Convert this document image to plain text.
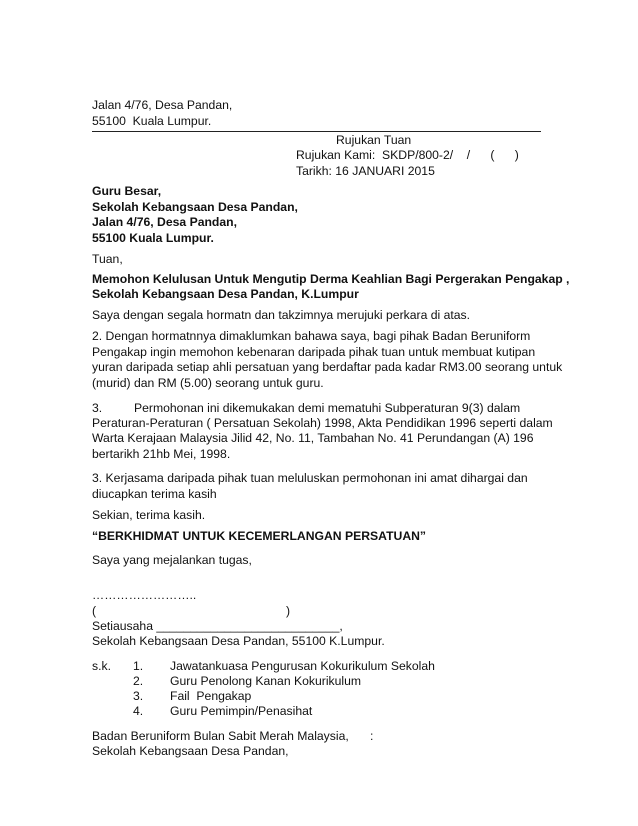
Jalan 4/76, Desa Pandan,
55100  Kuala Lumpur.
Rujukan Tuan
Rujukan Kami:  SKDP/800-2/    /      (      )
Tarikh: 16 JANUARI 2015
Guru Besar,
Sekolah Kebangsaan Desa Pandan,
Jalan 4/76, Desa Pandan,
55100 Kuala Lumpur.
Tuan,
Memohon Kelulusan Untuk Mengutip Derma Keahlian Bagi Pergerakan Pengakap ,
Sekolah Kebangsaan Desa Pandan, K.Lumpur
Saya dengan segala hormatn dan takzimnya merujuki perkara di atas.
2. Dengan hormatnnya dimaklumkan bahawa saya, bagi pihak Badan Beruniform
Pengakap ingin memohon kebenaran daripada pihak tuan untuk membuat kutipan
yuran daripada setiap ahli persatuan yang berdaftar pada kadar RM3.00 seorang untuk
(murid) dan RM (5.00) seorang untuk guru.
3.	Permohonan ini dikemukakan demi mematuhi Subperaturan 9(3) dalam
Peraturan-Peraturan ( Persatuan Sekolah) 1998, Akta Pendidikan 1996 seperti dalam
Warta Kerajaan Malaysia Jilid 42, No. 11, Tambahan No. 41 Perundangan (A) 196
bertarikh 21hb Mei, 1998.
3. Kerjasama daripada pihak tuan meluluskan permohonan ini amat dihargai dan
diucapkan terima kasih
Sekian, terima kasih.
“BERKHIDMAT UNTUK KECEMERLANGAN PERSATUAN”
Saya yang mejalankan tugas,
……………………..
(	)
Setiausaha ___________________________,
Sekolah Kebangsaan Desa Pandan, 55100 K.Lumpur.
s.k. 1. Jawatankuasa Pengurusan Kokurikulum Sekolah
2. Guru Penolong Kanan Kokurikulum
3. Fail  Pengakap
4. Guru Pemimpin/Penasihat
Badan Beruniform Bulan Sabit Merah Malaysia, :
Sekolah Kebangsaan Desa Pandan,
